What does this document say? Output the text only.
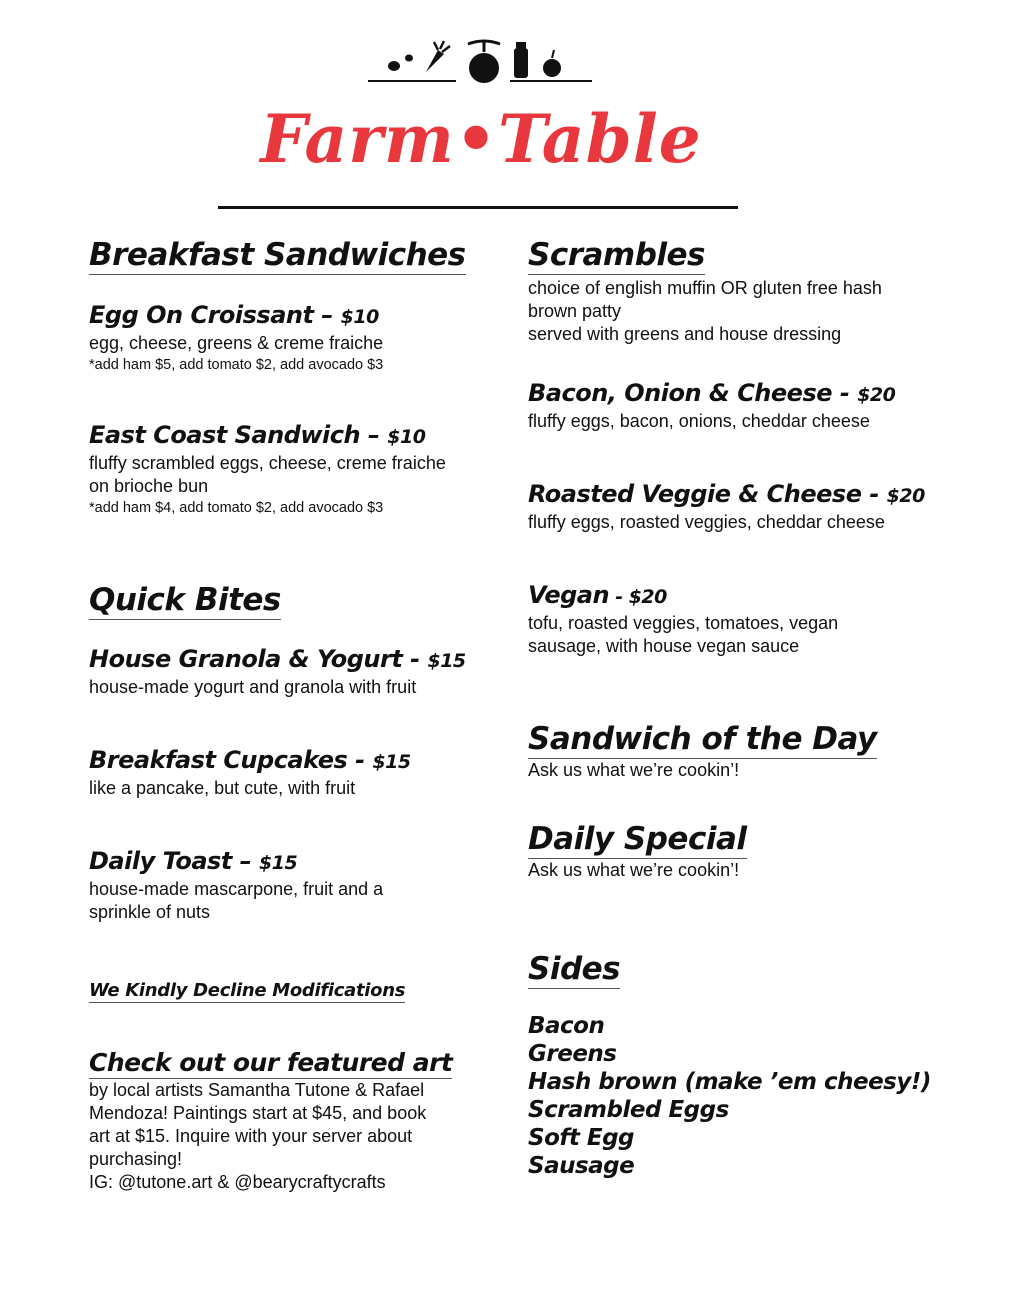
Farm•Table
Breakfast Sandwiches

Egg On Croissant – $10

egg, cheese, greens & creme fraiche

*add ham $5, add tomato $2, add avocado $3

East Coast Sandwich – $10

fluffy scrambled eggs, cheese, creme fraiche

on brioche bun

*add ham $4, add tomato $2, add avocado $3

Quick Bites

House Granola & Yogurt - $15

house-made yogurt and granola with fruit

Breakfast Cupcakes - $15

like a pancake, but cute, with fruit

Daily Toast – $15

house-made mascarpone, fruit and a

sprinkle of nuts

We Kindly Decline Modifications
Check out our featured art

by local artists Samantha Tutone & Rafael

Mendoza! Paintings start at $45, and book

art at $15. Inquire with your server about

purchasing!

IG: @tutone.art & @bearycraftycrafts

Scrambles

choice of english muffin OR gluten free hash

brown patty

served with greens and house dressing

Bacon, Onion & Cheese - $20

fluffy eggs, bacon, onions, cheddar cheese

Roasted Veggie & Cheese - $20

fluffy eggs, roasted veggies, cheddar cheese

Vegan - $20

tofu, roasted veggies, tomatoes, vegan

sausage, with house vegan sauce

Sandwich of the Day

Ask us what we’re cookin’!

Daily Special

Ask us what we’re cookin’!

Sides

Bacon

Greens

Hash brown (make ’em cheesy!)

Scrambled Eggs

Soft Egg

Sausage
